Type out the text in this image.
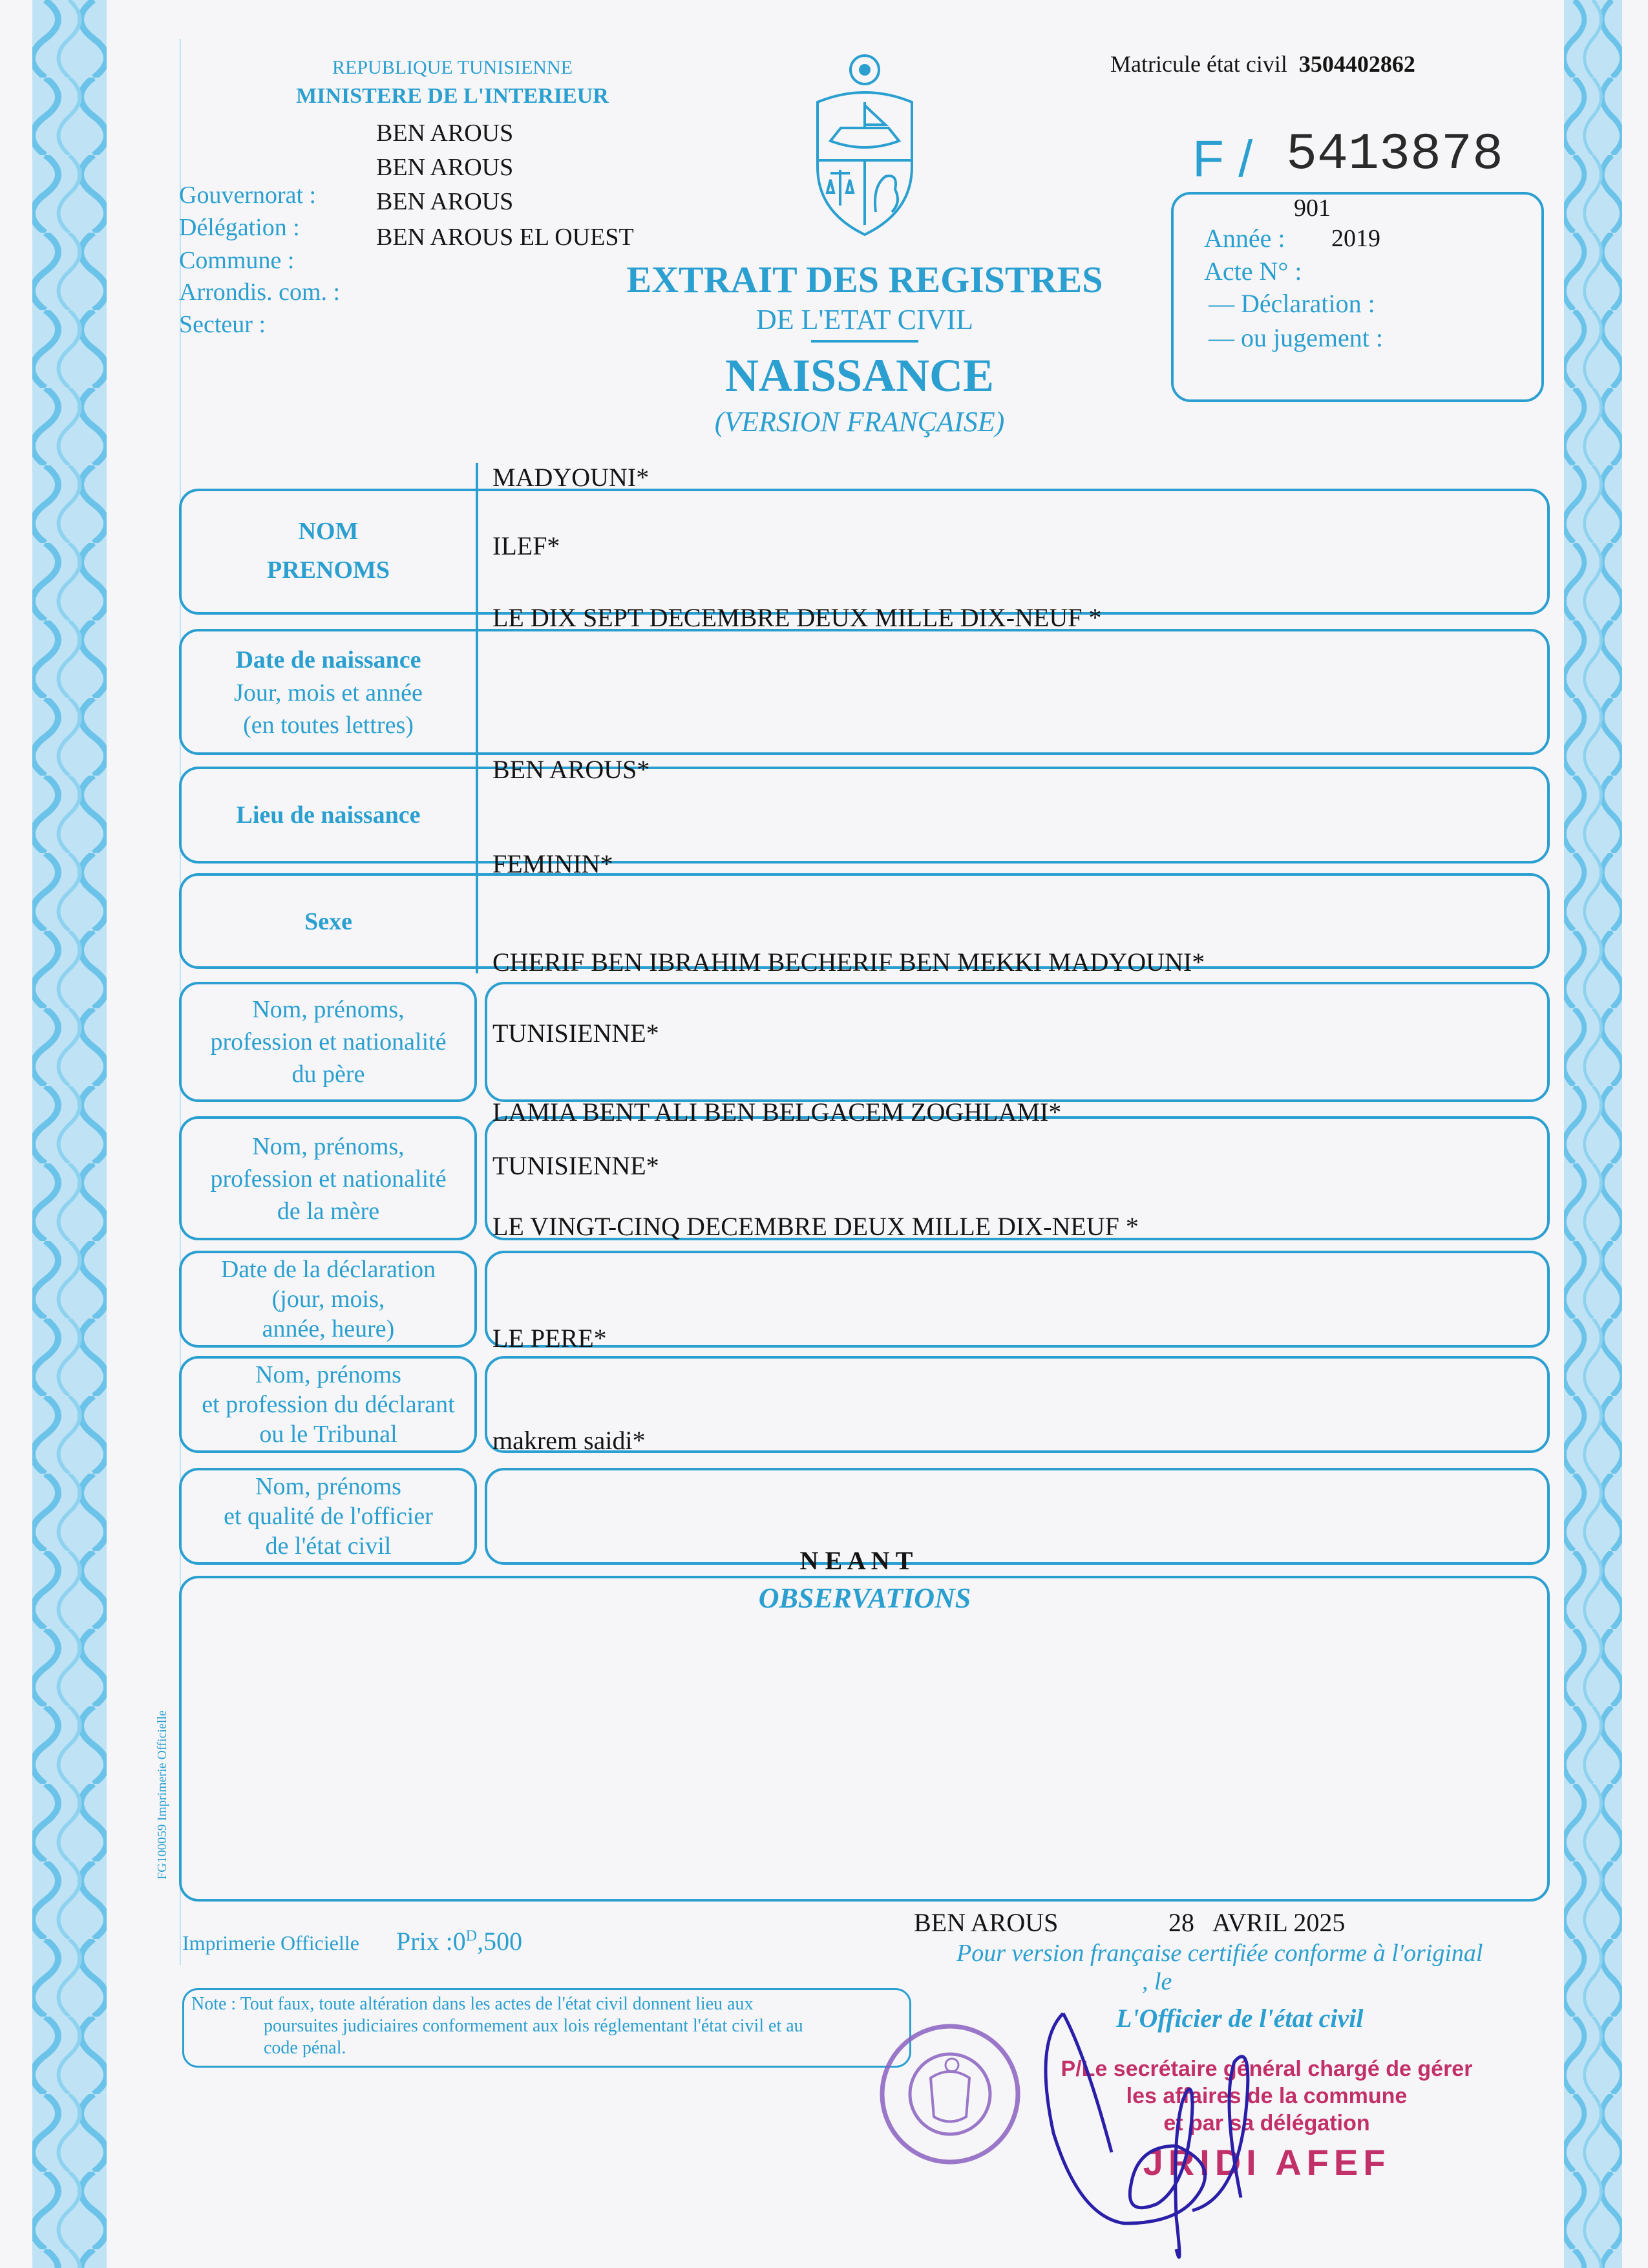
REPUBLIQUE TUNISIENNE
MINISTERE DE L'INTERIEUR
Gouvernorat :
Délégation :
Commune :
Arrondis. com. :
Secteur :
BEN AROUS
BEN AROUS
BEN AROUS
BEN AROUS EL OUEST
Matricule état civil 3504402862
F / 5413878
901
Année : 2019
Acte N° :
— Déclaration :
— ou jugement :
EXTRAIT DES REGISTRES
DE L'ETAT CIVIL
NAISSANCE
(VERSION FRANÇAISE)
NOM
PRENOMS
Date de naissance
Jour, mois et année
(en toutes lettres)
Lieu de naissance
Sexe
Nom, prénoms,
profession et nationalité
du père
Nom, prénoms,
profession et nationalité
de la mère
Date de la déclaration
(jour, mois,
année, heure)
Nom, prénoms
et profession du déclarant
ou le Tribunal
Nom, prénoms
et qualité de l'officier
de l'état civil
MADYOUNI*
ILEF*
LE DIX SEPT DECEMBRE DEUX MILLE DIX-NEUF *
BEN AROUS*
FEMININ*
CHERIF BEN IBRAHIM BECHERIF BEN MEKKI MADYOUNI*
TUNISIENNE*
LAMIA BENT ALI BEN BELGACEM ZOGHLAMI*
TUNISIENNE*
LE VINGT-CINQ DECEMBRE DEUX MILLE DIX-NEUF *
LE PERE*
makrem saidi*
N E A N T
OBSERVATIONS
FG100059 Imprimerie Officielle
Imprimerie Officielle Prix $:0^D,500$
BEN AROUS	28   AVRIL 2025
Pour version française certifiée conforme à l'original
, le
L'Officier de l'état civil
Note : Tout faux, toute altération dans les actes de l'état civil donnent lieu aux
poursuites judiciaires conformement aux lois réglementant l'état civil et au
code pénal.
P/Le secrétaire général chargé de gérer
les affaires de la commune
et par sa délégation
JRIDI AFEF
